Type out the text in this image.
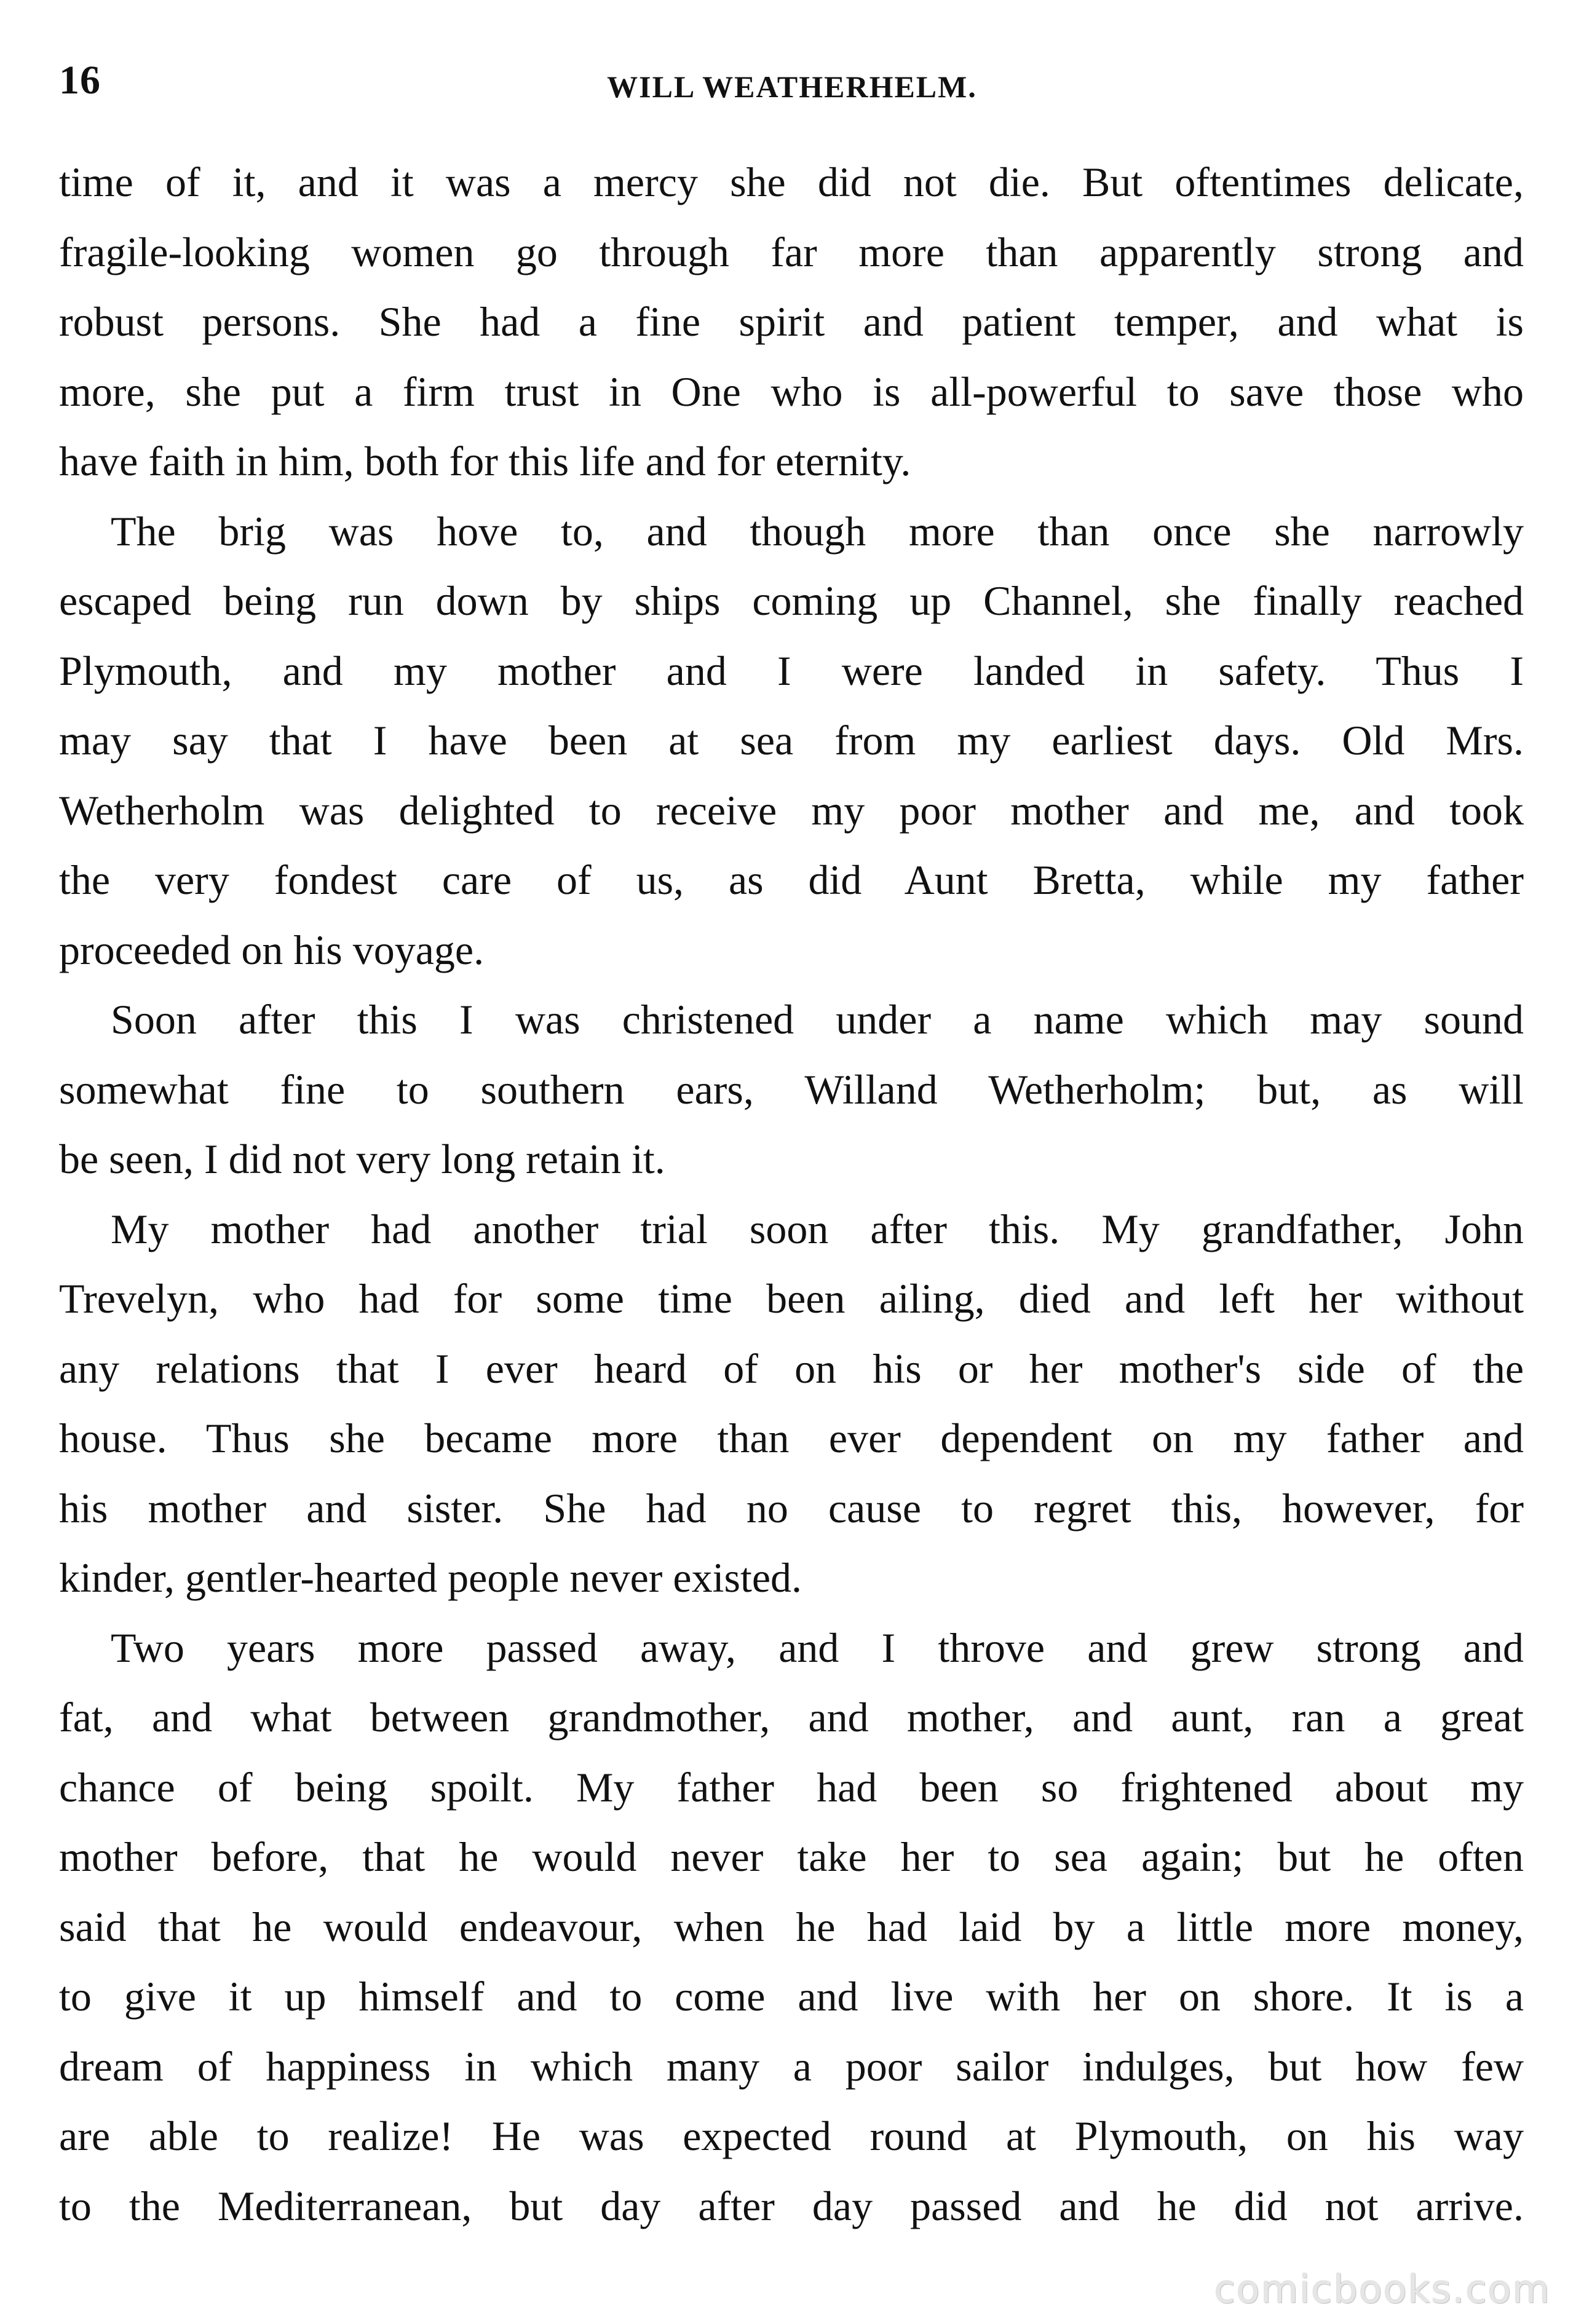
16	WILL WEATHERHELM.
time of it, and it was a mercy she did not die. But oftentimes delicate,
fragile-looking women go through far more than apparently strong and
robust persons. She had a fine spirit and patient temper, and what is
more, she put a firm trust in One who is all-powerful to save those who
have faith in him, both for this life and for eternity.
The brig was hove to, and though more than once she narrowly
escaped being run down by ships coming up Channel, she finally reached
Plymouth, and my mother and I were landed in safety. Thus I
may say that I have been at sea from my earliest days. Old Mrs.
Wetherholm was delighted to receive my poor mother and me, and took
the very fondest care of us, as did Aunt Bretta, while my father
proceeded on his voyage.
Soon after this I was christened under a name which may sound
somewhat fine to southern ears, Willand Wetherholm; but, as will
be seen, I did not very long retain it.
My mother had another trial soon after this. My grandfather, John
Trevelyn, who had for some time been ailing, died and left her without
any relations that I ever heard of on his or her mother's side of the
house. Thus she became more than ever dependent on my father and
his mother and sister. She had no cause to regret this, however, for
kinder, gentler-hearted people never existed.
Two years more passed away, and I throve and grew strong and
fat, and what between grandmother, and mother, and aunt, ran a great
chance of being spoilt. My father had been so frightened about my
mother before, that he would never take her to sea again; but he often
said that he would endeavour, when he had laid by a little more money,
to give it up himself and to come and live with her on shore. It is a
dream of happiness in which many a poor sailor indulges, but how few
are able to realize! He was expected round at Plymouth, on his way
to the Mediterranean, but day after day passed and he did not arrive.
comicbooks.com
